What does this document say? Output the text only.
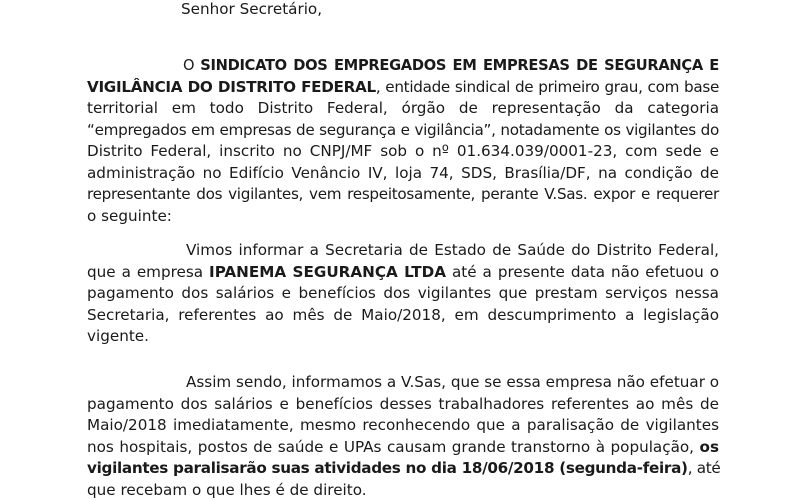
Senhor Secretário,
O SINDICATO DOS EMPREGADOS EM EMPRESAS DE SEGURANÇA E
VIGILÂNCIA DO DISTRITO FEDERAL, entidade sindical de primeiro grau, com base
territorial em todo Distrito Federal, órgão de representação da categoria
“empregados em empresas de segurança e vigilância”, notadamente os vigilantes do
Distrito Federal, inscrito no CNPJ/MF sob o nº 01.634.039/0001-23, com sede e
administração no Edifício Venâncio IV, loja 74, SDS, Brasília/DF, na condição de
representante dos vigilantes, vem respeitosamente, perante V.Sas. expor e requerer
o seguinte:
Vimos informar a Secretaria de Estado de Saúde do Distrito Federal,
que a empresa IPANEMA SEGURANÇA LTDA até a presente data não efetuou o
pagamento dos salários e benefícios dos vigilantes que prestam serviços nessa
Secretaria, referentes ao mês de Maio/2018, em descumprimento a legislação
vigente.
Assim sendo, informamos a V.Sas, que se essa empresa não efetuar o
pagamento dos salários e benefícios desses trabalhadores referentes ao mês de
Maio/2018 imediatamente, mesmo reconhecendo que a paralisação de vigilantes
nos hospitais, postos de saúde e UPAs causam grande transtorno à população, os
vigilantes paralisarão suas atividades no dia 18/06/2018 (segunda-feira), até
que recebam o que lhes é de direito.
